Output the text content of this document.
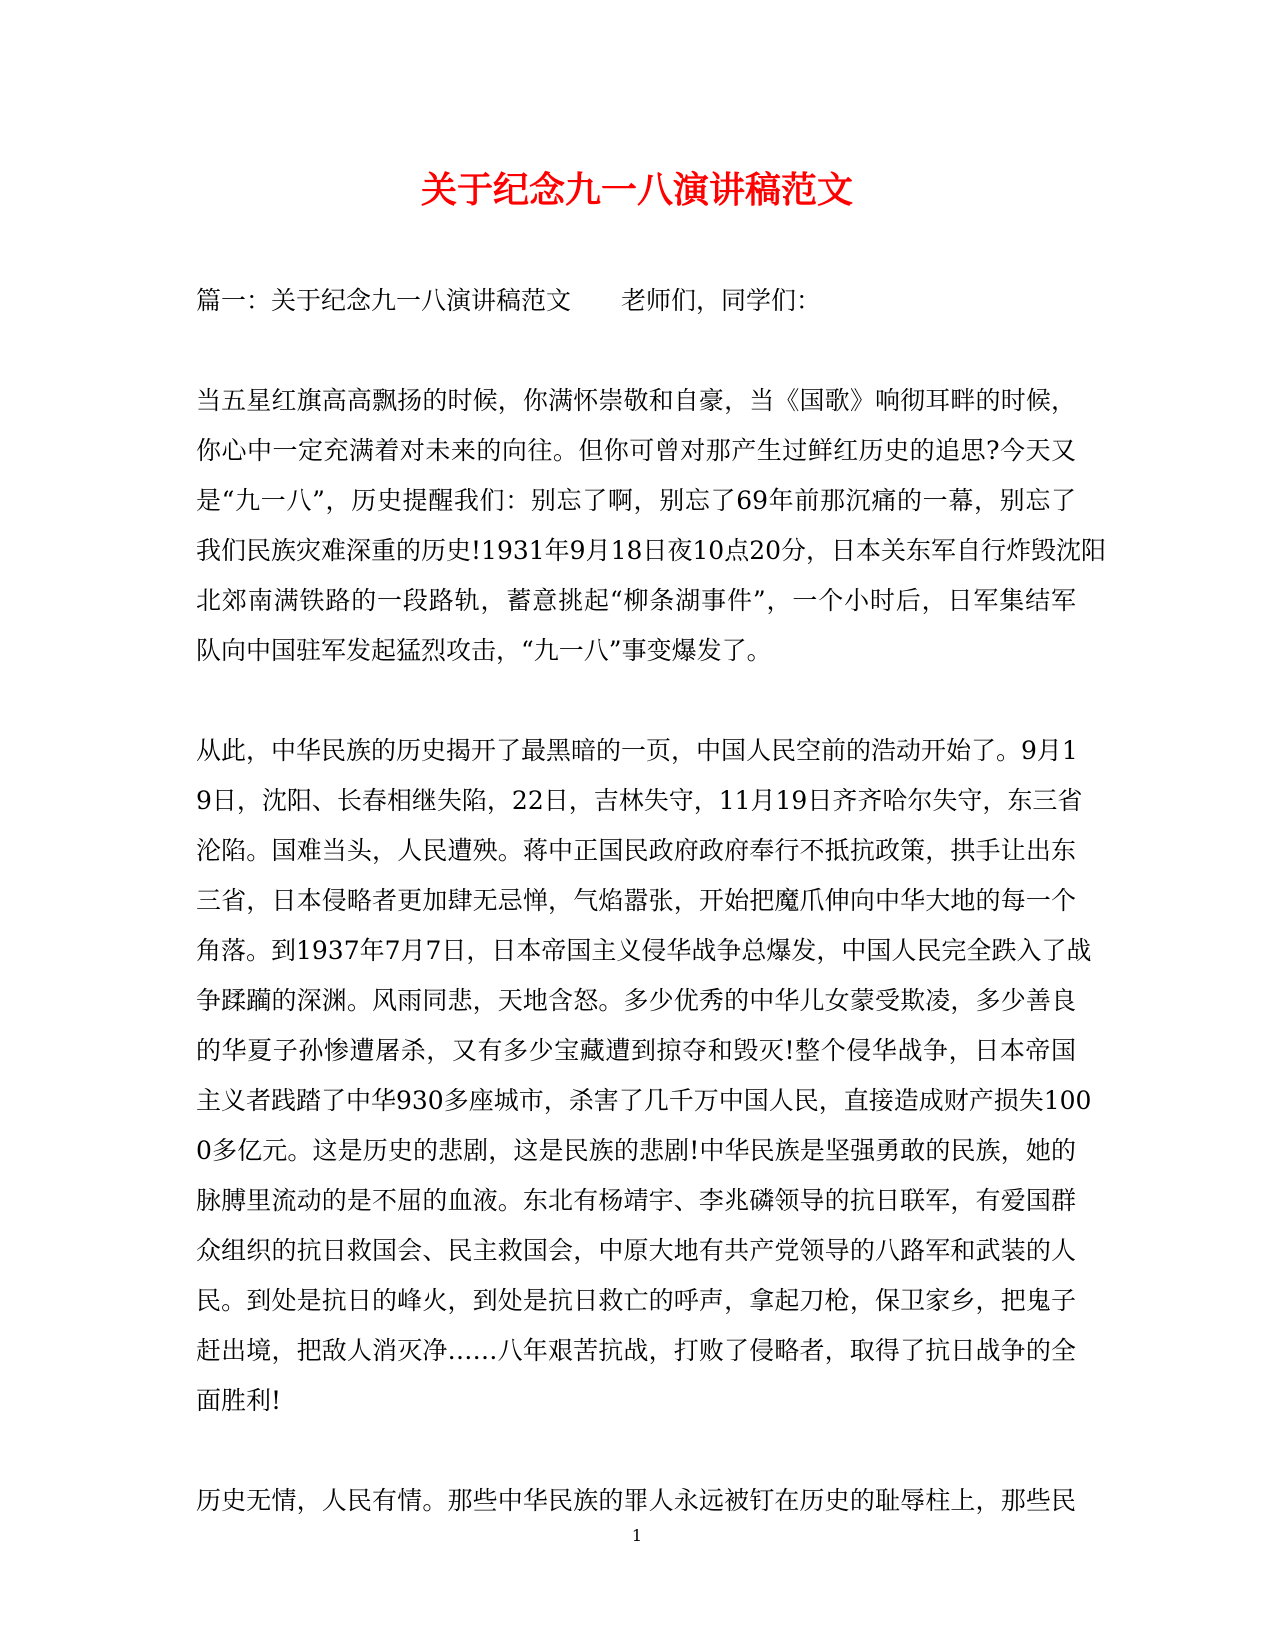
关于纪念九一八演讲稿范文
篇一：关于纪念九一八演讲稿范文 老师们，同学们：
当五星红旗高高飘扬的时候，你满怀崇敬和自豪，当《国歌》响彻耳畔的时候，
你心中一定充满着对未来的向往。但你可曾对那产生过鲜红历史的追思?今天又
是“九一八”，历史提醒我们：别忘了啊，别忘了69年前那沉痛的一幕，别忘了
我们民族灾难深重的历史!1931年9月18日夜10点20分，日本关东军自行炸毁沈阳
北郊南满铁路的一段路轨，蓄意挑起“柳条湖事件”，一个小时后，日军集结军
队向中国驻军发起猛烈攻击，“九一八”事变爆发了。
从此，中华民族的历史揭开了最黑暗的一页，中国人民空前的浩动开始了。9月1
9日，沈阳、长春相继失陷，22日，吉林失守，11月19日齐齐哈尔失守，东三省
沦陷。国难当头，人民遭殃。蒋中正国民政府政府奉行不抵抗政策，拱手让出东
三省，日本侵略者更加肆无忌惮，气焰嚣张，开始把魔爪伸向中华大地的每一个
角落。到1937年7月7日，日本帝国主义侵华战争总爆发，中国人民完全跌入了战
争蹂躏的深渊。风雨同悲，天地含怒。多少优秀的中华儿女蒙受欺凌，多少善良
的华夏子孙惨遭屠杀，又有多少宝藏遭到掠夺和毁灭!整个侵华战争，日本帝国
主义者践踏了中华930多座城市，杀害了几千万中国人民，直接造成财产损失100
0多亿元。这是历史的悲剧，这是民族的悲剧!中华民族是坚强勇敢的民族，她的
脉膊里流动的是不屈的血液。东北有杨靖宇、李兆磷领导的抗日联军，有爱国群
众组织的抗日救国会、民主救国会，中原大地有共产党领导的八路军和武装的人
民。到处是抗日的峰火，到处是抗日救亡的呼声，拿起刀枪，保卫家乡，把鬼子
赶出境，把敌人消灭净……八年艰苦抗战，打败了侵略者，取得了抗日战争的全
面胜利!
历史无情，人民有情。那些中华民族的罪人永远被钉在历史的耻辱柱上，那些民
1
